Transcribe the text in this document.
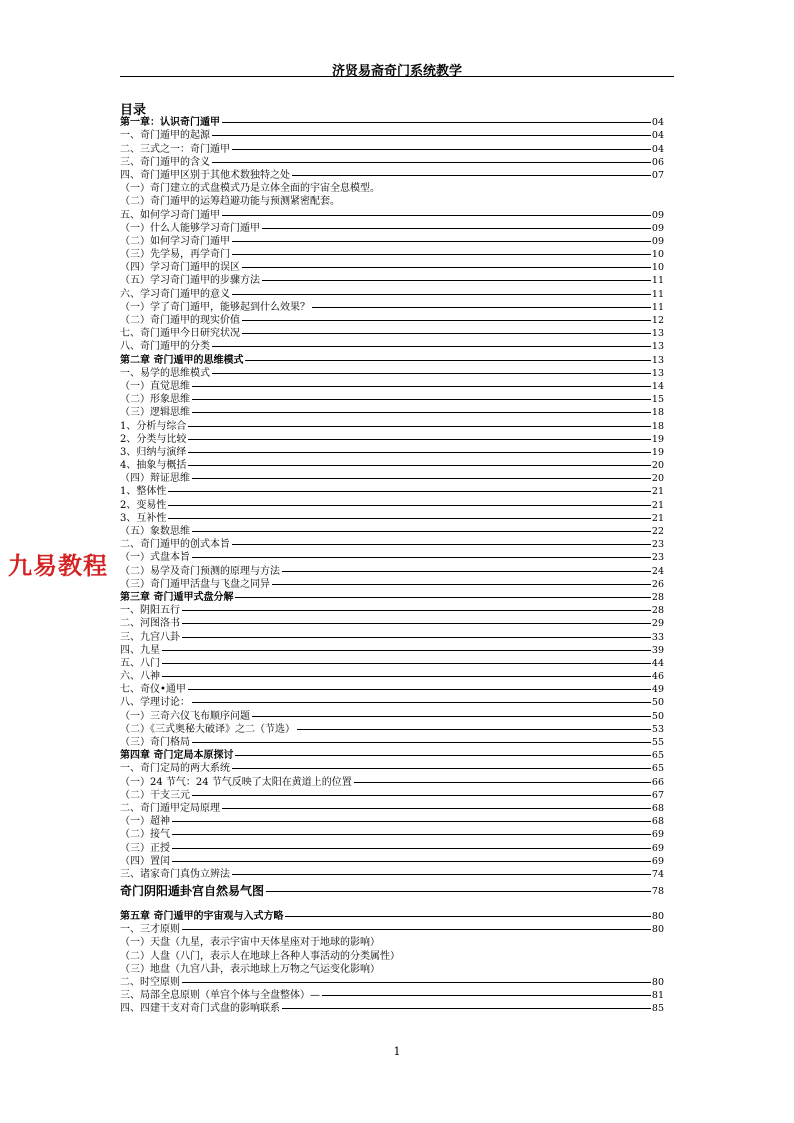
济贤易斋奇门系统教学
目录
第一章：认识奇门遁甲	04
一、奇门遁甲的起源	04
二、三式之一：奇门遁甲	04
三、奇门遁甲的含义	06
四、奇门遁甲区别于其他术数独特之处	07
（一）奇门建立的式盘模式乃是立体全面的宇宙全息模型。
（二）奇门遁甲的运筹趋避功能与预测紧密配套。
五、如何学习奇门遁甲	09
（一）什么人能够学习奇门遁甲	09
（二）如何学习奇门遁甲	09
（三）先学易，再学奇门	10
（四）学习奇门遁甲的误区	10
（五）学习奇门遁甲的步骤方法	11
六、学习奇门遁甲的意义	11
（一）学了奇门遁甲，能够起到什么效果？	11
（二）奇门遁甲的现实价值	12
七、奇门遁甲今日研究状况	13
八、奇门遁甲的分类	13
第二章 奇门遁甲的思维模式	13
一、易学的思维模式	13
（一）直觉思维	14
（二）形象思维	15
（三）逻辑思维	18
1、分析与综合	18
2、分类与比较	19
3、归纳与演绎	19
4、抽象与概括	20
（四）辩证思维	20
1、整体性	21
2、变易性	21
3、互补性	21
（五）象数思维	22
二、奇门遁甲的创式本旨	23
（一）式盘本旨	23
（二）易学及奇门预测的原理与方法	24
（三）奇门遁甲活盘与飞盘之同异	26
第三章 奇门遁甲式盘分解	28
一、阴阳五行	28
二、河图洛书	29
三、九宫八卦	33
四、九星	39
五、八门	44
六、八神	46
七、奇仪•通甲	49
八、学理讨论：	50
（一）三奇六仪飞布顺序问题	50
（二）《三式奥秘大破译》之二（节选）	53
（三）奇门格局	55
第四章 奇门定局本原探讨	65
一、奇门定局的两大系统	65
（一）24 节气：24 节气反映了太阳在黄道上的位置	66
（二）干支三元	67
二、奇门遁甲定局原理	68
（一）超神	68
（二）接气	69
（三）正授	69
（四）置闰	69
三、诸家奇门真伪立辨法	74
奇门阴阳遁卦宫自然易气图	78
第五章 奇门遁甲的宇宙观与入式方略	80
一、三才原则	80
（一）天盘（九星，表示宇宙中天体星座对于地球的影响）
（二）人盘（八门，表示人在地球上各种人事活动的分类属性）
（三）地盘（九宫八卦，表示地球上万物之气运变化影响）
二、时空原则	80
三、局部全息原则（单宫个体与全盘整体）—	81
四、四建干支对奇门式盘的影响联系	85
九易教程
1
